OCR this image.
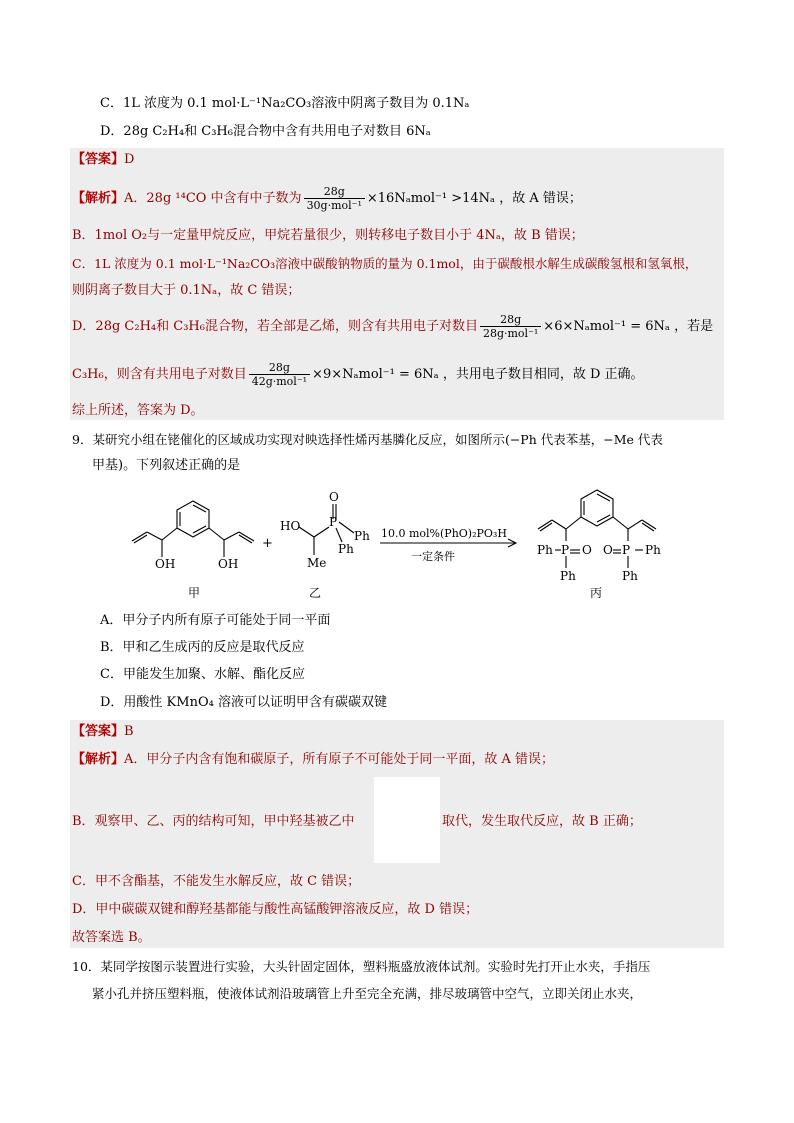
C．1L 浓度为 0.1 mol·L⁻¹Na₂CO₃溶液中阴离子数目为 0.1Nₐ
D．28g C₂H₄和 C₃H₆混合物中含有共用电子对数目 6Nₐ
【答案】D
【解析】A．28g ¹⁴CO 中含有中子数为 $\frac{28g}{\text{30g·mol⁻¹}} \times 16N_amol^{-1} >14N_a$ ，故 A 错误；
B．1mol O₂与一定量甲烷反应，甲烷若量很少，则转移电子数目小于 4Nₐ，故 B 错误；
C．1L 浓度为 0.1 mol·L⁻¹Na₂CO₃溶液中碳酸钠物质的量为 0.1mol，由于碳酸根水解生成碳酸氢根和氢氧根，
则阴离子数目大于 0.1Nₐ，故 C 错误；
D．28g C₂H₄和 C₃H₆混合物，若全部是乙烯，则含有共用电子对数目 $\frac{28g}{\text{28g·mol⁻¹}} \times 6\times N_amol^{-1} = 6N_a$ ，若是
C₃H₆，则含有共用电子对数目 $\frac{28g}{\text{42g·mol⁻¹}} \times 9\times N_amol^{-1} = 6N_a$ ，共用电子数目相同，故 D 正确。
综上所述，答案为 D。
9．某研究小组在铑催化的区域成功实现对映选择性烯丙基膦化反应，如图所示(−Ph 代表苯基，−Me 代表
甲基)。下列叙述正确的是
OH	OH
甲
+
HO
Me
O
P
Ph
Ph
乙
10.0 mol%(PhO)₂PO₃H
一定条件	Ph P O
Ph
O P Ph
Ph
丙
A．甲分子内所有原子可能处于同一平面
B．甲和乙生成丙的反应是取代反应
C．甲能发生加聚、水解、酯化反应
D．用酸性 KMnO₄ 溶液可以证明甲含有碳碳双键
【答案】B
【解析】A．甲分子内含有饱和碳原子，所有原子不可能处于同一平面，故 A 错误；
B．观察甲、乙、丙的结构可知，甲中羟基被乙中	取代，发生取代反应，故 B 正确；
C．甲不含酯基，不能发生水解反应，故 C 错误；
D．甲中碳碳双键和醇羟基都能与酸性高锰酸钾溶液反应，故 D 错误；
故答案选 B。
10．某同学按图示装置进行实验，大头针固定固体，塑料瓶盛放液体试剂。实验时先打开止水夹，手指压
紧小孔并挤压塑料瓶，使液体试剂沿玻璃管上升至完全充满，排尽玻璃管中空气，立即关闭止水夹，
